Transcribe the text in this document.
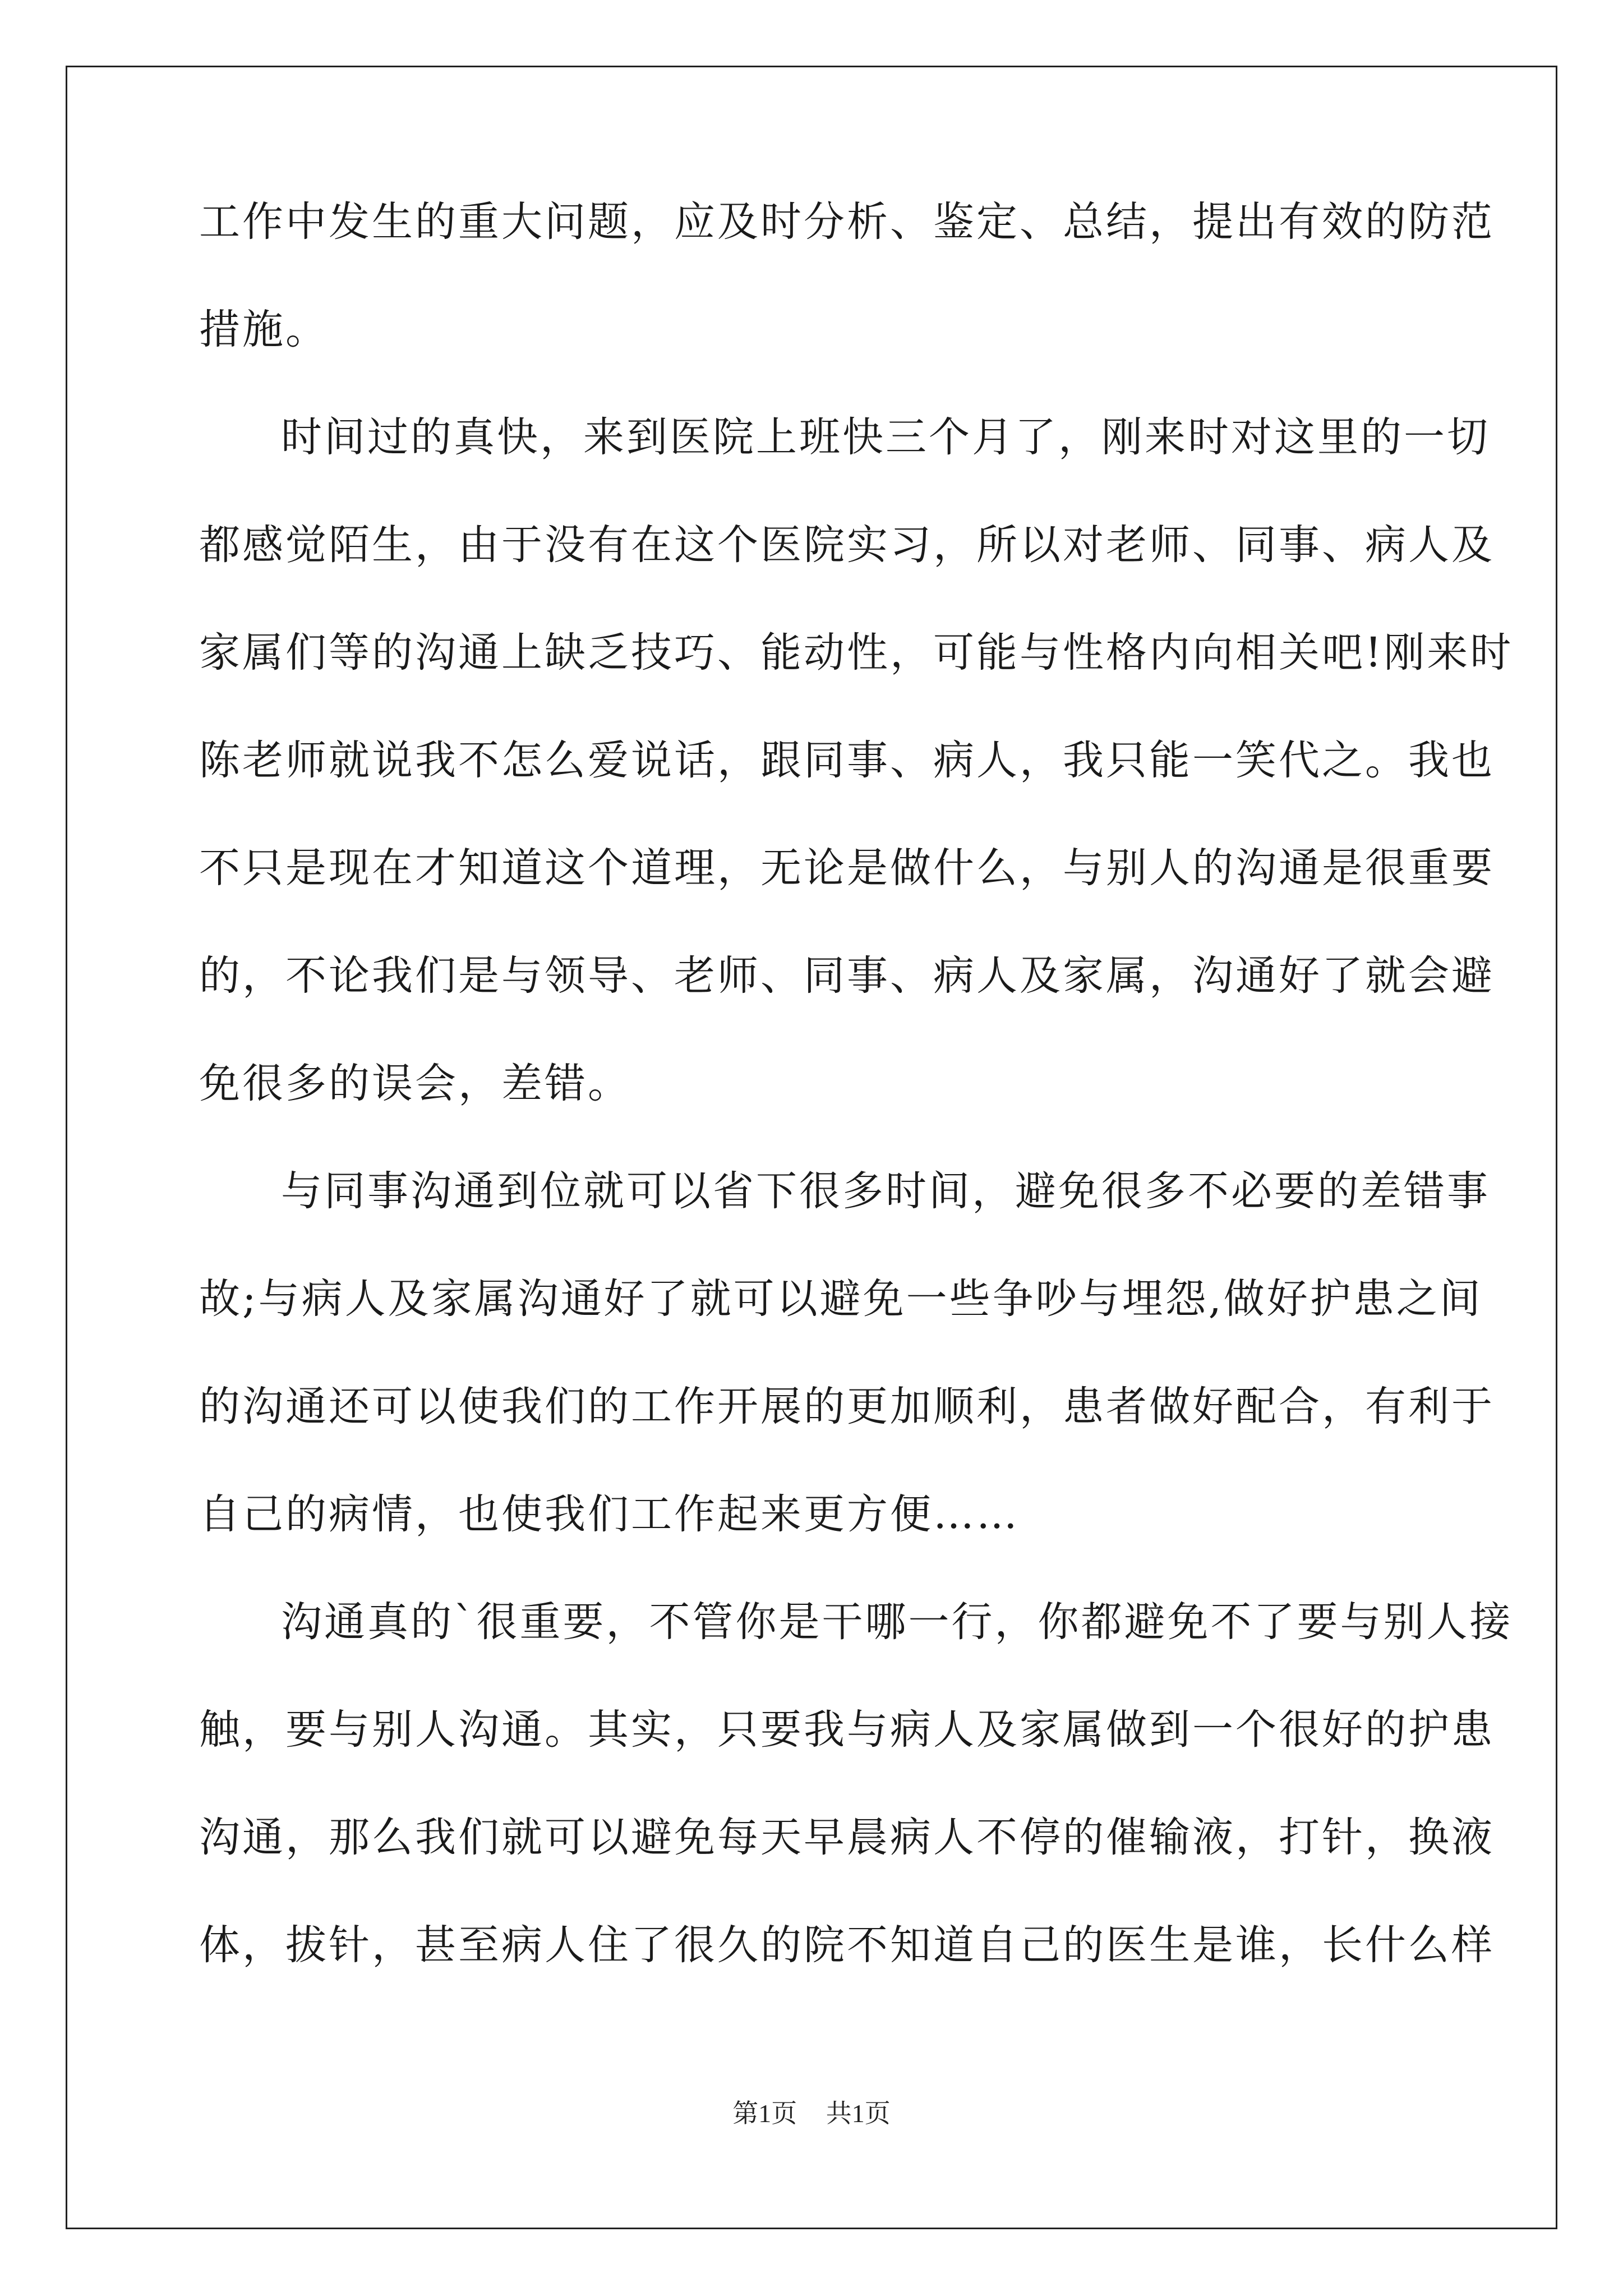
工作中发生的重大问题，应及时分析、鉴定、总结，提出有效的防范
措施。
时间过的真快，来到医院上班快三个月了，刚来时对这里的一切
都感觉陌生，由于没有在这个医院实习，所以对老师、同事、病人及
家属们等的沟通上缺乏技巧、能动性，可能与性格内向相关吧!刚来时
陈老师就说我不怎么爱说话，跟同事、病人，我只能一笑代之。我也
不只是现在才知道这个道理，无论是做什么，与别人的沟通是很重要
的，不论我们是与领导、老师、同事、病人及家属，沟通好了就会避
免很多的误会，差错。
与同事沟通到位就可以省下很多时间，避免很多不必要的差错事
故;与病人及家属沟通好了就可以避免一些争吵与埋怨,做好护患之间
的沟通还可以使我们的工作开展的更加顺利，患者做好配合，有利于
自己的病情，也使我们工作起来更方便……
沟通真的`很重要，不管你是干哪一行，你都避免不了要与别人接
触，要与别人沟通。其实，只要我与病人及家属做到一个很好的护患
沟通，那么我们就可以避免每天早晨病人不停的催输液，打针，换液
体，拔针，甚至病人住了很久的院不知道自己的医生是谁，长什么样
第1页 共1页
